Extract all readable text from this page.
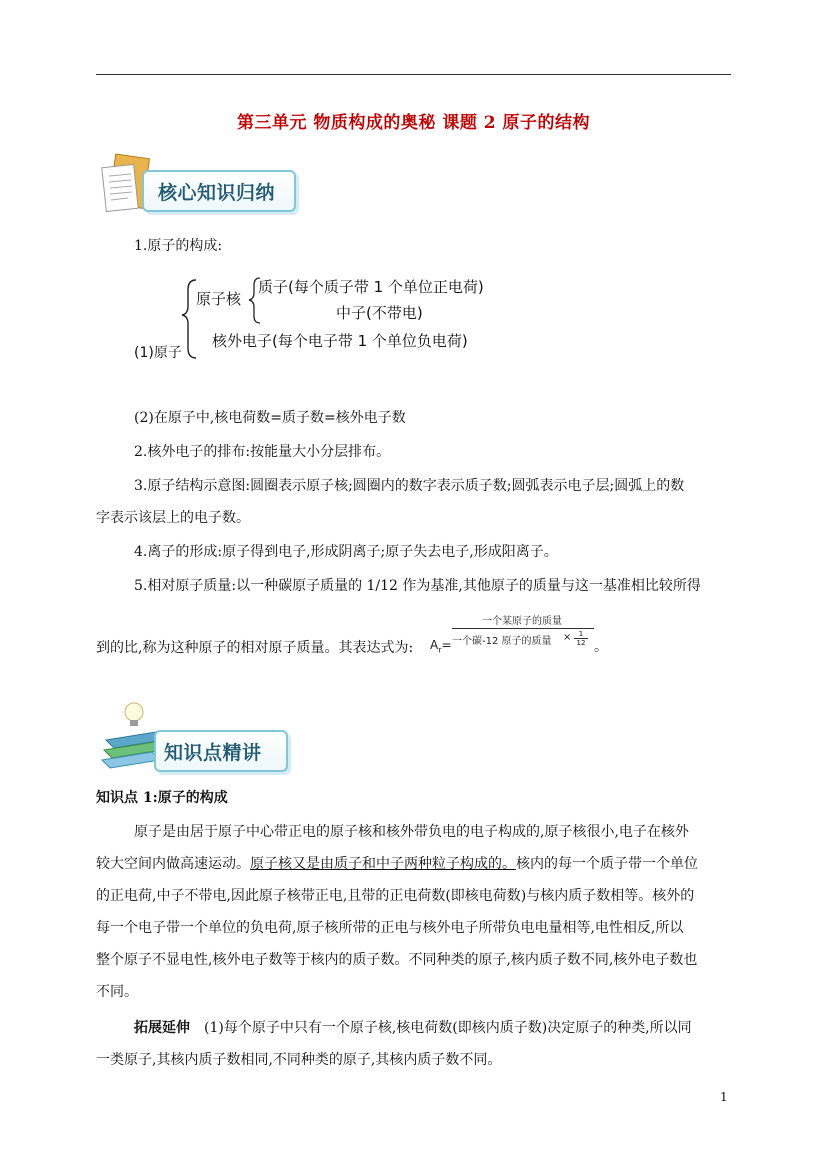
第三单元 物质构成的奥秘 课题 2 原子的结构
核心知识归纳
1.原子的构成:
(1)原子
原子核
质子(每个质子带 1 个单位正电荷)
中子(不带电)
核外电子(每个电子带 1 个单位负电荷)
(2)在原子中,核电荷数=质子数=核外电子数
2.核外电子的排布:按能量大小分层排布。
3.原子结构示意图:圆圈表示原子核;圆圈内的数字表示质子数;圆弧表示电子层;圆弧上的数
字表示该层上的电子数。
4.离子的形成:原子得到电子,形成阴离子;原子失去电子,形成阳离子。
5.相对原子质量:以一种碳原子质量的 1/12 作为基准,其他原子的质量与这一基准相比较所得
到的比,称为这种原子的相对原子质量。其表达式为: $A_r=$
一个某原子的质量
一个碳-12 原子的质量 ×	1
12 。
知识点精讲
知识点 1:原子的构成
原子是由居于原子中心带正电的原子核和核外带负电的电子构成的,原子核很小,电子在核外
较大空间内做高速运动。原子核又是由质子和中子两种粒子构成的。核内的每一个质子带一个单位
的正电荷,中子不带电,因此原子核带正电,且带的正电荷数(即核电荷数)与核内质子数相等。核外的
每一个电子带一个单位的负电荷,原子核所带的正电与核外电子所带负电电量相等,电性相反,所以
整个原子不显电性,核外电子数等于核内的质子数。不同种类的原子,核内质子数不同,核外电子数也
不同。
拓展延伸 (1)每个原子中只有一个原子核,核电荷数(即核内质子数)决定原子的种类,所以同
一类原子,其核内质子数相同,不同种类的原子,其核内质子数不同。
1
